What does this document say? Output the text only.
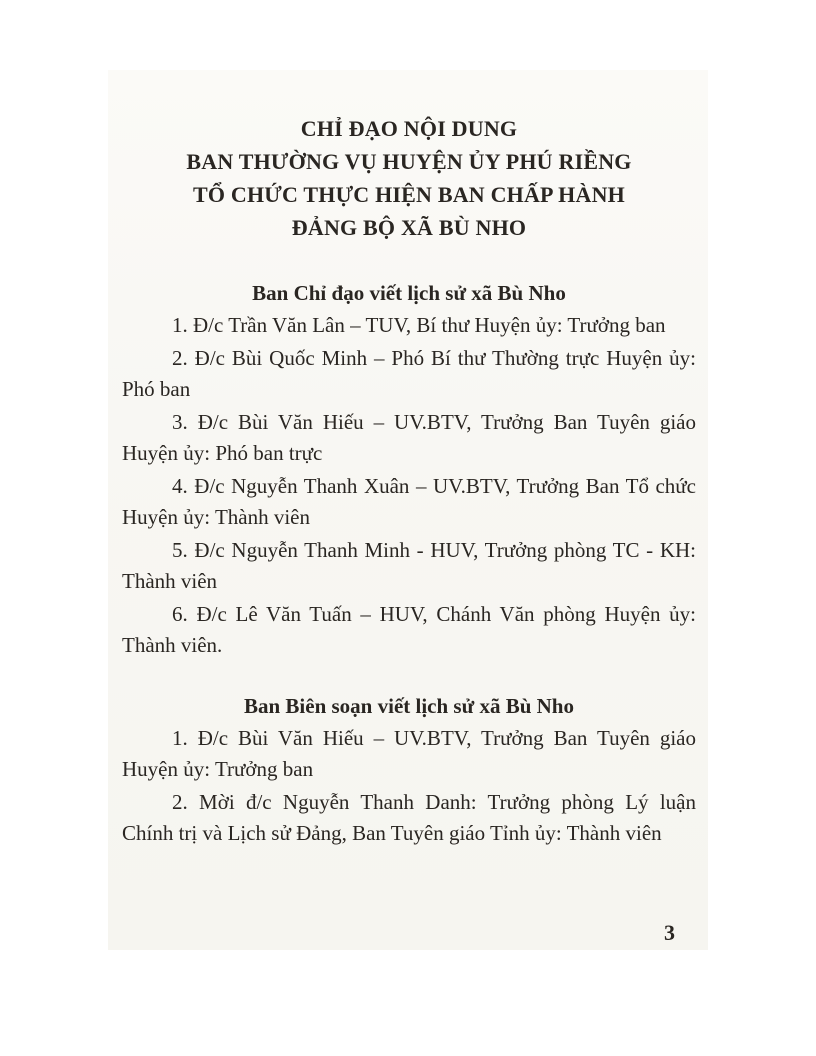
CHỈ ĐẠO NỘI DUNG
BAN THƯỜNG VỤ HUYỆN ỦY PHÚ RIỀNG
TỔ CHỨC THỰC HIỆN BAN CHẤP HÀNH
ĐẢNG BỘ XÃ BÙ NHO
Ban Chỉ đạo viết lịch sử xã Bù Nho

1. Đ/c Trần Văn Lân – TUV, Bí thư Huyện ủy: Trưởng ban

2. Đ/c Bùi Quốc Minh – Phó Bí thư Thường trực Huyện ủy: Phó ban

3. Đ/c Bùi Văn Hiếu – UV.BTV, Trưởng Ban Tuyên giáo Huyện ủy: Phó ban trực

4. Đ/c Nguyễn Thanh Xuân – UV.BTV, Trưởng Ban Tổ chức Huyện ủy: Thành viên

5. Đ/c Nguyễn Thanh Minh - HUV, Trưởng phòng TC - KH: Thành viên

6. Đ/c Lê Văn Tuấn – HUV, Chánh Văn phòng Huyện ủy: Thành viên.

Ban Biên soạn viết lịch sử xã Bù Nho

1. Đ/c Bùi Văn Hiếu – UV.BTV, Trưởng Ban Tuyên giáo Huyện ủy: Trưởng ban

2. Mời đ/c Nguyễn Thanh Danh: Trưởng phòng Lý luận Chính trị và Lịch sử Đảng, Ban Tuyên giáo Tỉnh ủy: Thành viên

3
